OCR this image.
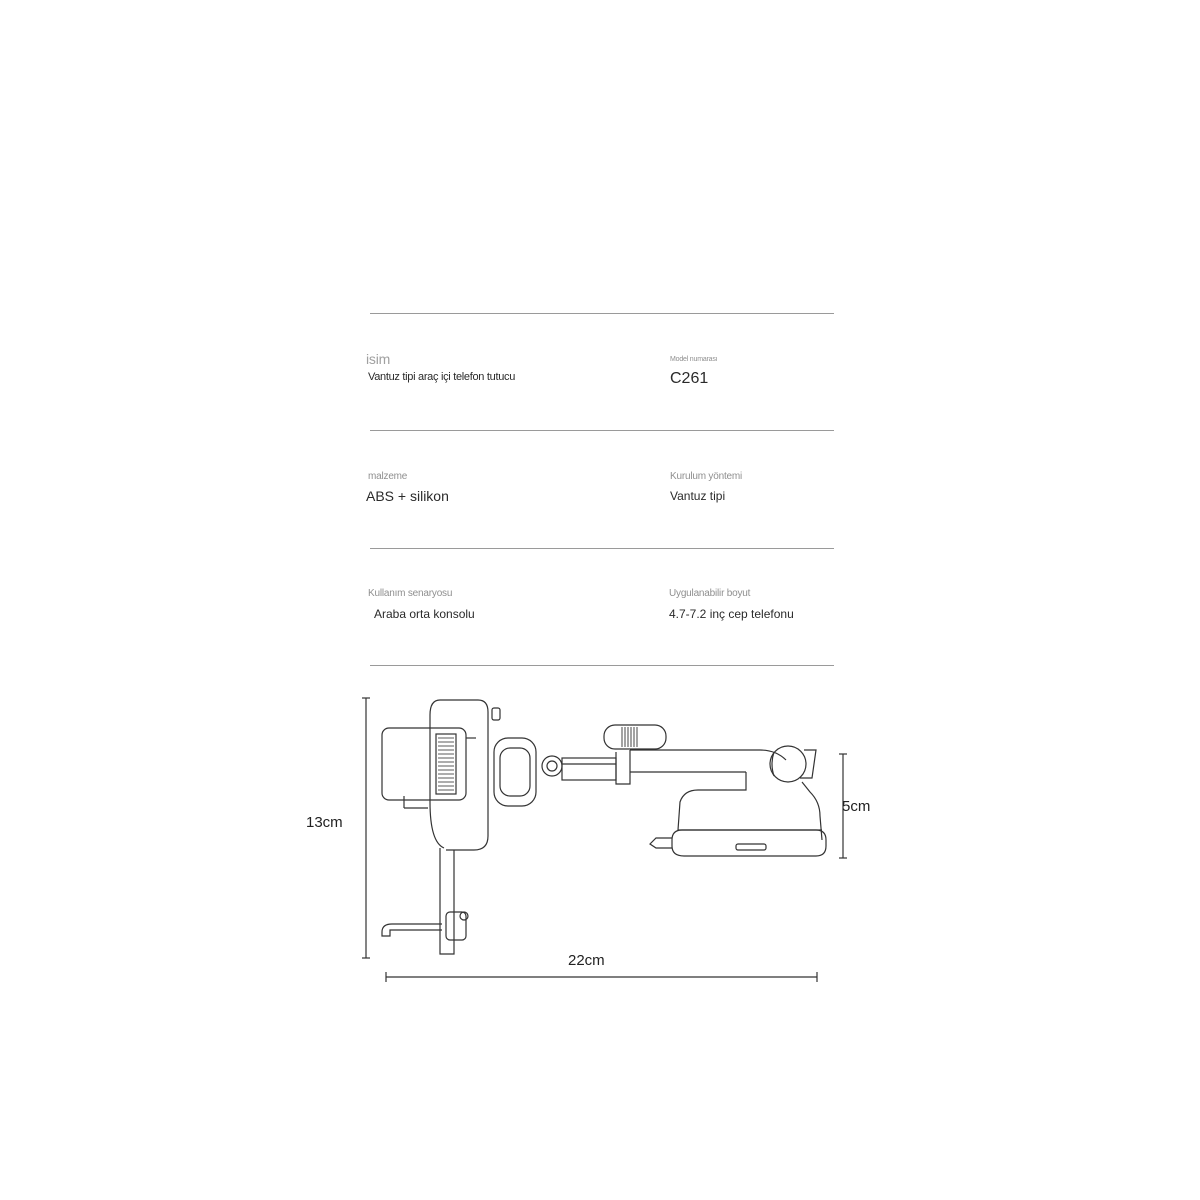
isim
Vantuz tipi araç içi telefon tutucu
Model numarası
C261
malzeme
ABS + silikon
Kurulum yöntemi
Vantuz tipi
Kullanım senaryosu
Araba orta konsolu
Uygulanabilir boyut
4.7-7.2 inç cep telefonu
13cm
22cm
5cm
